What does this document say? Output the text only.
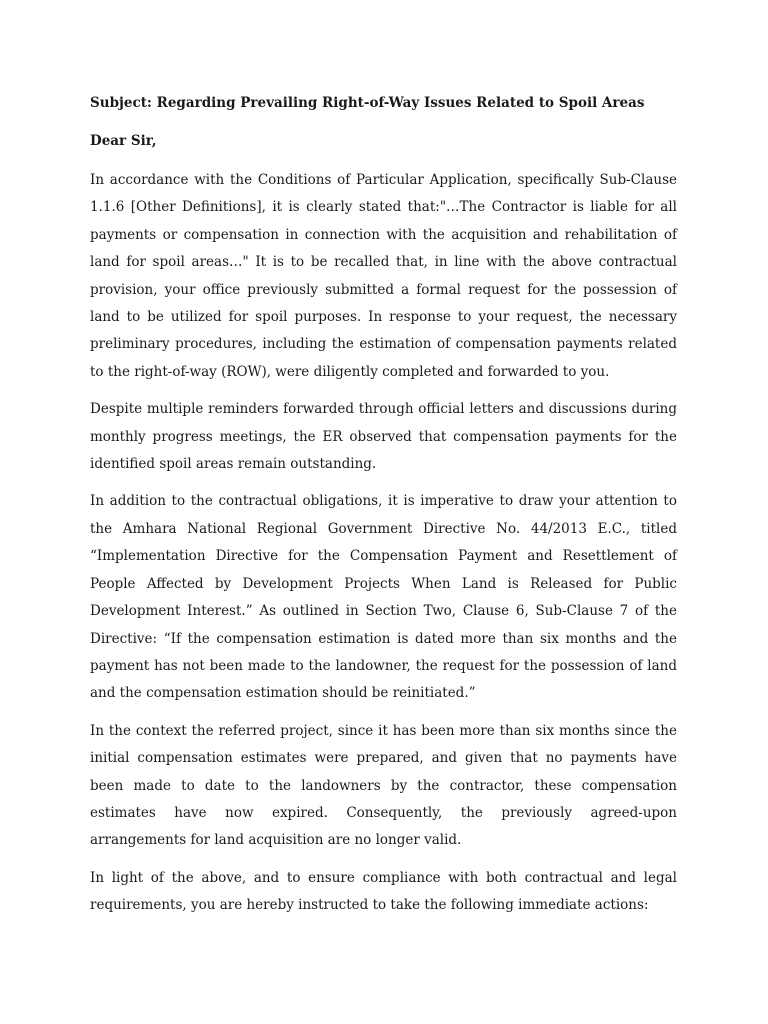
Subject: Regarding Prevailing Right-of-Way Issues Related to Spoil Areas

Dear Sir,

In accordance with the Conditions of Particular Application, specifically Sub-Clause 1.1.6 [Other Definitions], it is clearly stated that:"…The Contractor is liable for all payments or compensation in connection with the acquisition and rehabilitation of land for spoil areas…" It is to be recalled that, in line with the above contractual provision, your office previously submitted a formal request for the possession of land to be utilized for spoil purposes. In response to your request, the necessary preliminary procedures, including the estimation of compensation payments related to the right-of-way (ROW), were diligently completed and forwarded to you.

Despite multiple reminders forwarded through official letters and discussions during monthly progress meetings, the ER observed that compensation payments for the identified spoil areas remain outstanding.

In addition to the contractual obligations, it is imperative to draw your attention to the Amhara National Regional Government Directive No. 44/2013 E.C., titled “Implementation Directive for the Compensation Payment and Resettlement of People Affected by Development Projects When Land is Released for Public Development Interest.” As outlined in Section Two, Clause 6, Sub-Clause 7 of the Directive: “If the compensation estimation is dated more than six months and the payment has not been made to the landowner, the request for the possession of land and the compensation estimation should be reinitiated.”

In the context the referred project, since it has been more than six months since the initial compensation estimates were prepared, and given that no payments have been made to date to the landowners by the contractor, these compensation estimates have now expired. Consequently, the previously agreed-upon arrangements for land acquisition are no longer valid.

In light of the above, and to ensure compliance with both contractual and legal requirements, you are hereby instructed to take the following immediate actions:
